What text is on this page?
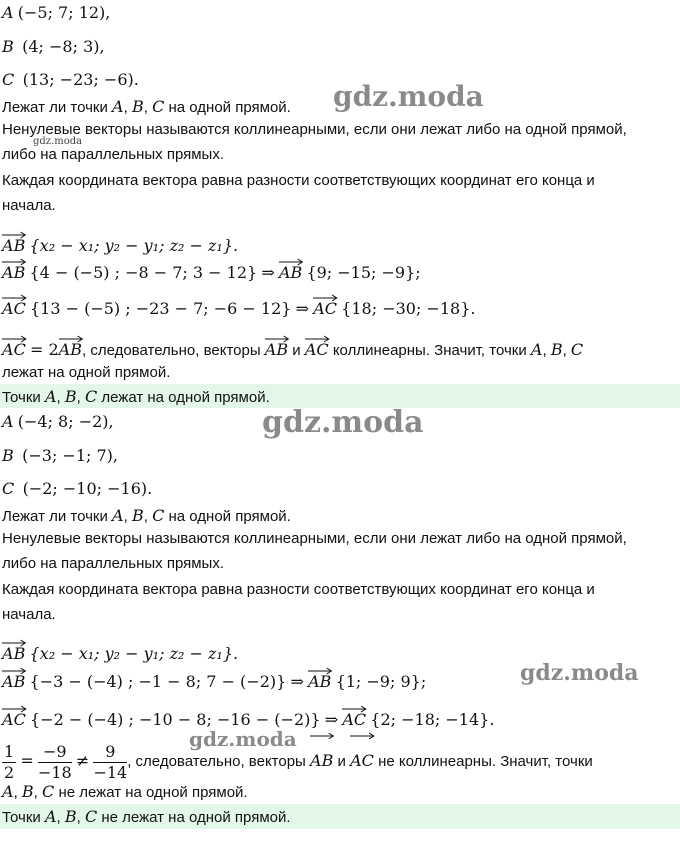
A (−5; 7; 12),
B (4; −8; 3),
C (13; −23; −6).
Лежат ли точки A, B, C на одной прямой.
Ненулевые векторы называются коллинеарными, если они лежат либо на одной прямой,
либо на параллельных прямых.
Каждая координата вектора равна разности соответствующих координат его конца и
начала.
AB {x₂ − x₁; y₂ − y₁; z₂ − z₁}.
AB {4 − (−5) ; −8 − 7; 3 − 12} ⇒ AB {9; −15; −9};
AC {13 − (−5) ; −23 − 7; −6 − 12} ⇒ AC {18; −30; −18}.
AC = 2
AB, следовательно, векторы AB и AC коллинеарны. Значит, точки A, B, C
лежат на одной прямой.
Точки A, B, C лежат на одной прямой.
A (−4; 8; −2),
B (−3; −1; 7),
C (−2; −10; −16).
Лежат ли точки A, B, C на одной прямой.
Ненулевые векторы называются коллинеарными, если они лежат либо на одной прямой,
либо на параллельных прямых.
Каждая координата вектора равна разности соответствующих координат его конца и
начала.
AB {x₂ − x₁; y₂ − y₁; z₂ − z₁}.
AB {−3 − (−4) ; −1 − 8; 7 − (−2)} ⇒ AB {1; −9; 9};
AC {−2 − (−4) ; −10 − 8; −16 − (−2)} ⇒ AC {2; −18; −14}.
$\frac{1}{2} = \frac{-9}{-18} \ne \frac{9}{-14}$ , следовательно, векторы AB и AC не коллинеарны. Значит, точки
A, B, C не лежат на одной прямой.
Точки A, B, C не лежат на одной прямой.
gdz.moda
gdz.moda
gdz.moda
gdz.moda
gdz.moda
